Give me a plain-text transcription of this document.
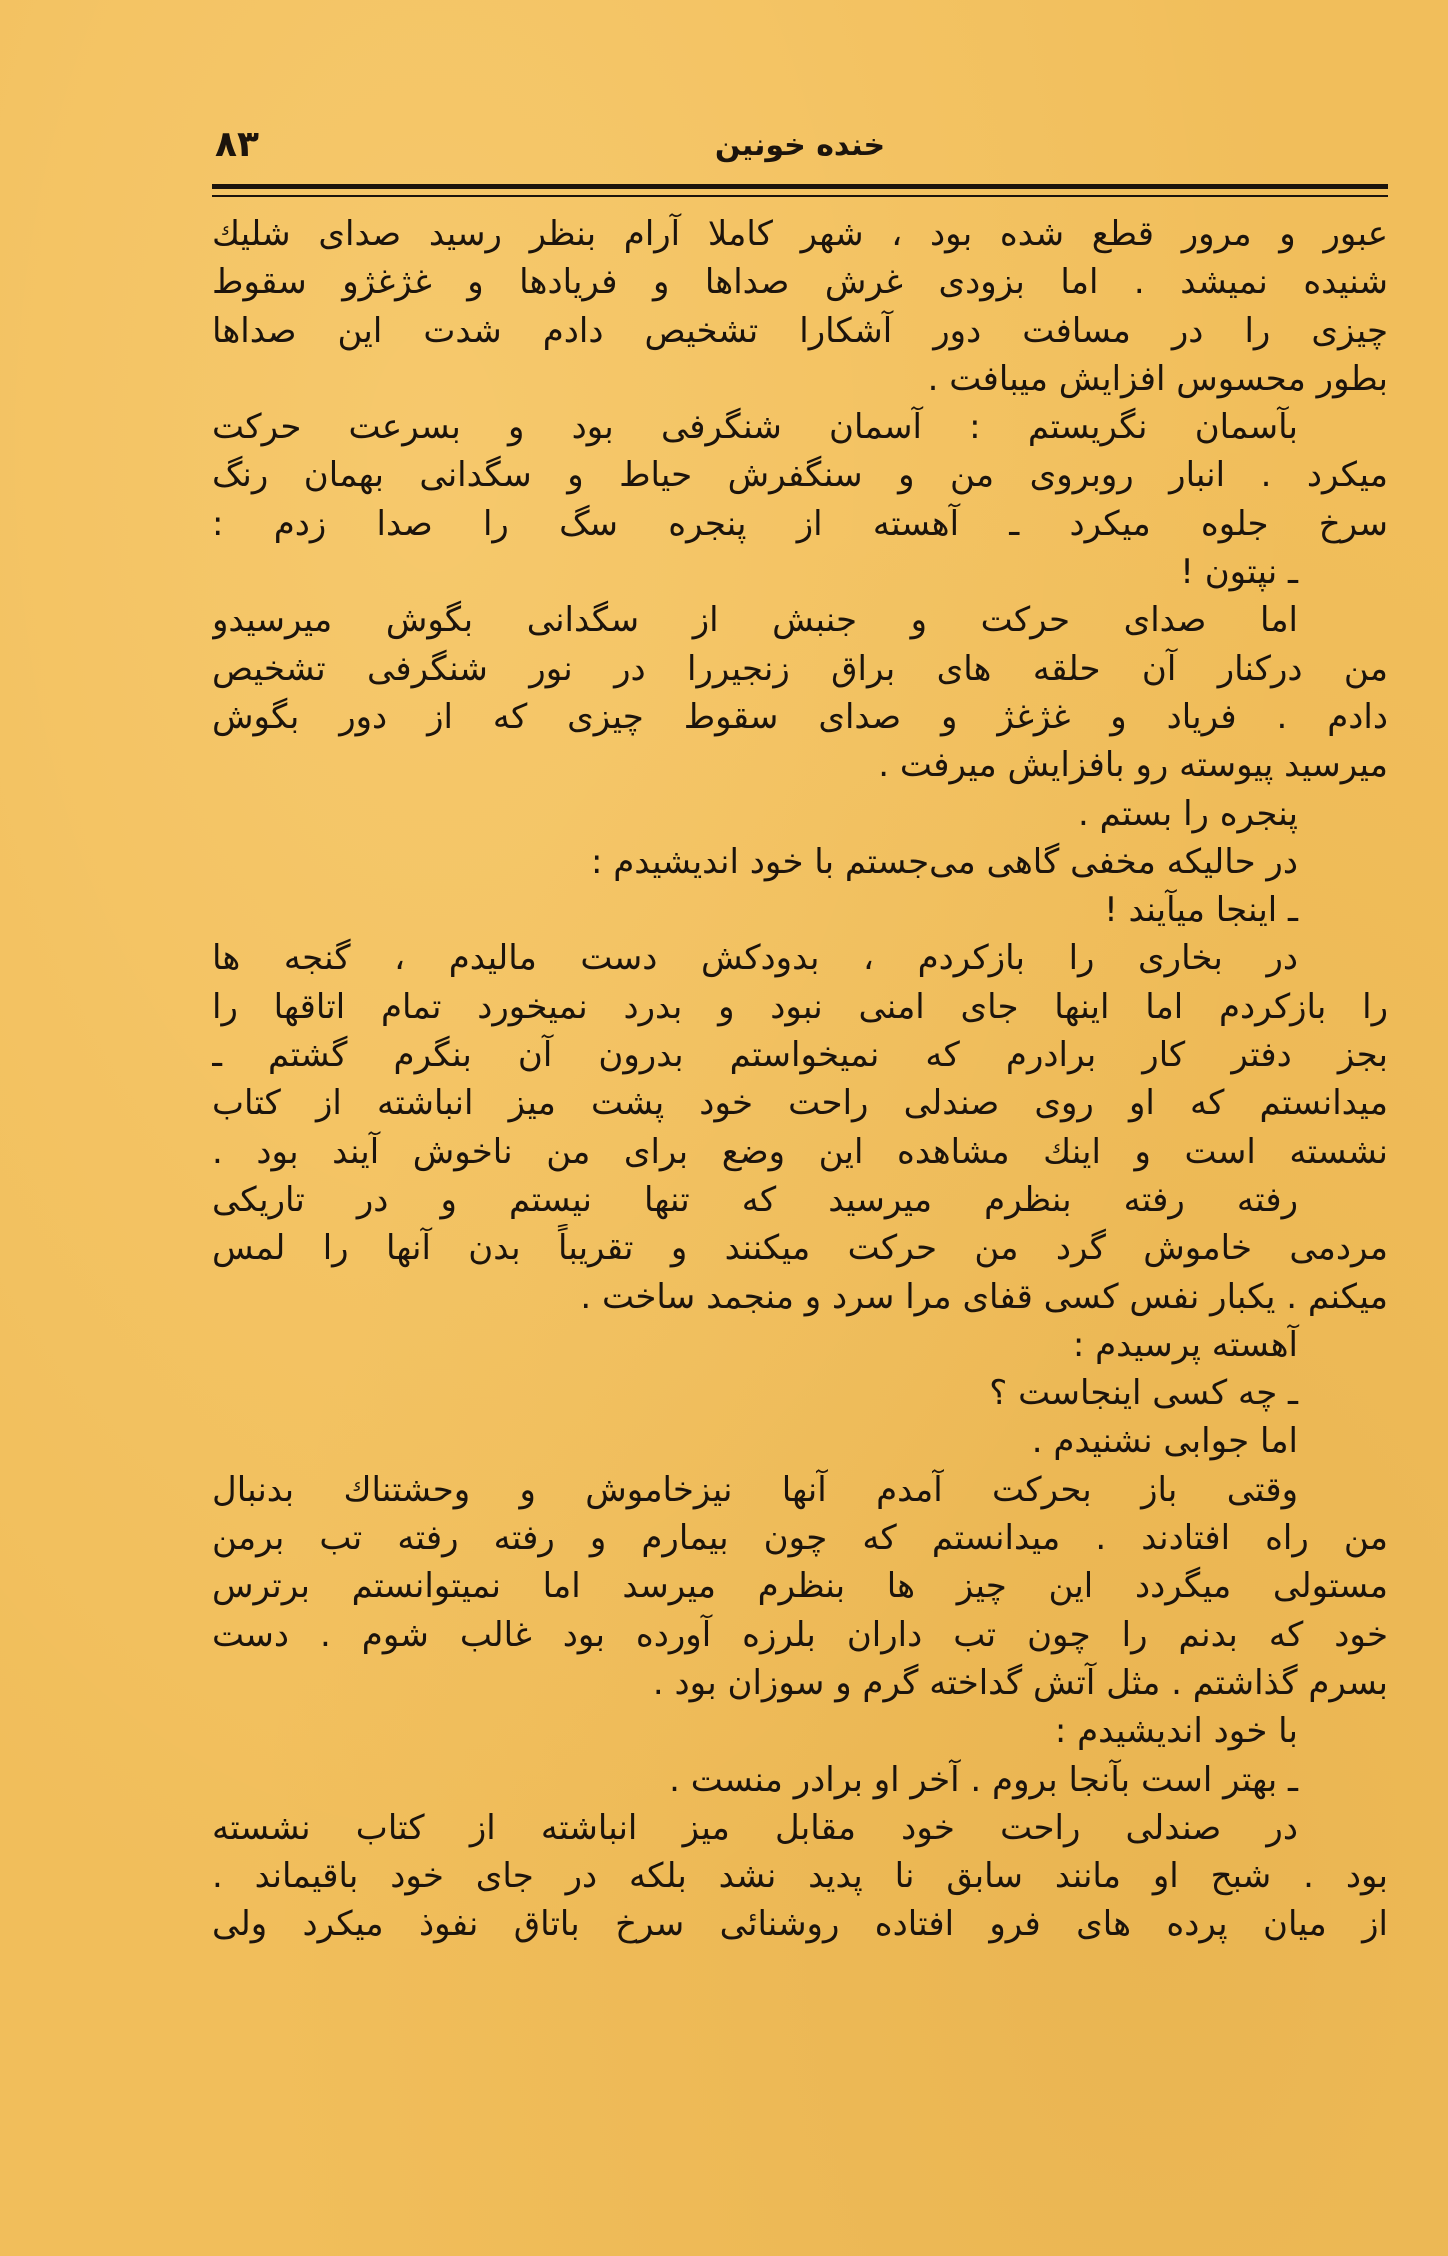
۸۳	خنده خونین
عبور و مرور قطع شده بود ، شهر کاملا آرام بنظر رسید صدای شلیك
شنیده نمیشد . اما بزودی غرش صداها و فریادها و غژغژو سقوط
چیزی را در مسافت دور آشکارا تشخیص دادم شدت این صداها
بطور محسوس افزایش میبافت .
بآسمان نگریستم : آسمان شنگرفی بود و بسرعت حرکت
میکرد . انبار روبروی من و سنگفرش حیاط و سگدانی بهمان رنگ
سرخ جلوه میکرد ـ آهسته از پنجره سگ را صدا زدم :
ـ نپتون !
اما صدای حرکت و جنبش از سگدانی بگوش میرسیدو
من درکنار آن حلقه های براق زنجیررا در نور شنگرفی تشخیص
دادم . فریاد و غژغژ و صدای سقوط چیزی که از دور بگوش
میرسید پیوسته رو بافزایش میرفت .
پنجره را بستم .
در حالیکه مخفی گاهی می‌جستم با خود اندیشیدم :
ـ اینجا میآیند !
در بخاری را بازکردم ، بدودکش دست مالیدم ، گنجه ها
را بازکردم اما اینها جای امنی نبود و بدرد نمیخورد تمام اتاقها را
بجز دفتر کار برادرم که نمیخواستم بدرون آن بنگرم گشتم ـ
میدانستم که او روی صندلی راحت خود پشت میز انباشته از کتاب
نشسته است و اینك مشاهده این وضع برای من ناخوش آیند بود .
رفته رفته بنظرم میرسید که تنها نیستم و در تاریکی
مردمی خاموش گرد من حرکت میکنند و تقریباً بدن آنها را لمس
میکنم . یکبار نفس کسی قفای مرا سرد و منجمد ساخت .
آهسته پرسیدم :
ـ چه کسی اینجاست ؟
اما جوابی نشنیدم .
وقتی باز بحرکت آمدم آنها نیزخاموش و وحشتناك بدنبال
من راه افتادند . میدانستم که چون بیمارم و رفته رفته تب برمن
مستولی میگردد این چیز ها بنظرم میرسد اما نمیتوانستم برترس
خود که بدنم را چون تب داران بلرزه آورده بود غالب شوم . دست
بسرم گذاشتم . مثل آتش گداخته گرم و سوزان بود .
با خود اندیشیدم :
ـ بهتر است بآنجا بروم . آخر او برادر منست .
در صندلی راحت خود مقابل میز انباشته از کتاب نشسته
بود . شبح او مانند سابق نا پدید نشد بلکه در جای خود باقیماند .
از میان پرده های فرو افتاده روشنائی سرخ باتاق نفوذ میکرد ولی
